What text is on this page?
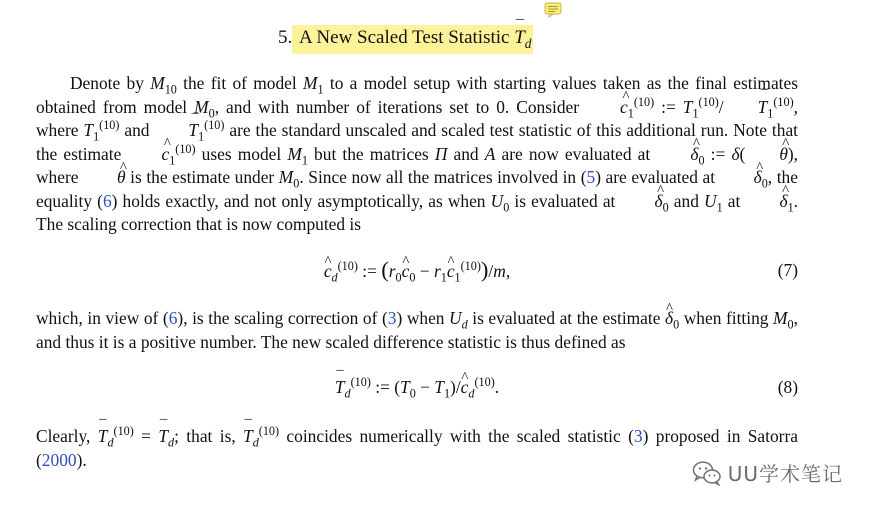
5. A New Scaled Test Statistic ¯ $T_d$

Denote by $M_{10}$ the fit of model $M_1$ to a model setup with starting values taken as the final estimates obtained from model $M_0$, and with number of iterations set to 0. Consider ^ $c_1^{(10)}$ := $T_1^{(10)}/¯$ $T_1^{(10)}$, where $T_1^{(10)}$ and ¯ $T_1^{(10)}$ are the standard unscaled and scaled test statistic of this additional run. Note that the estimate ^ $c_1^{(10)}$ uses model $M_1$ but the matrices Π and A are now evaluated at ^ $\delta_0$ := δ(^ θ), where ^ θ is the estimate under $M_0$. Since now all the matrices involved in (5) are evaluated at ^ $\delta_0$, the equality (6) holds exactly, and not only asymptotically, as when $U_0$ is evaluated at ^ $\delta_0$ and $U_1$ at ^ $\delta_1$. The scaling correction that is now computed is

^ $c_d^{(10)}$ := ($r_0\^{}$ $c_0$ − $r_1\^{}$ $c_1^{(10)})/m$,	(7)

which, in view of (6), is the scaling correction of (3) when $U_d$ is evaluated at the estimate ^ $\delta_0$ when fitting $M_0$, and thus it is a positive number. The new scaled difference statistic is thus defined as

¯ $T_d^{(10)}$ := ($T_0$ − $T_1)/\^{}$ $c_d^{(10)}$.	(8)

Clearly, ¯ $T_d^{(10)}$ = ¯ $T_d$; that is, ¯ $T_d^{(10)}$ coincides numerically with the scaled statistic (3) proposed in Satorra (2000).

UU学术笔记
